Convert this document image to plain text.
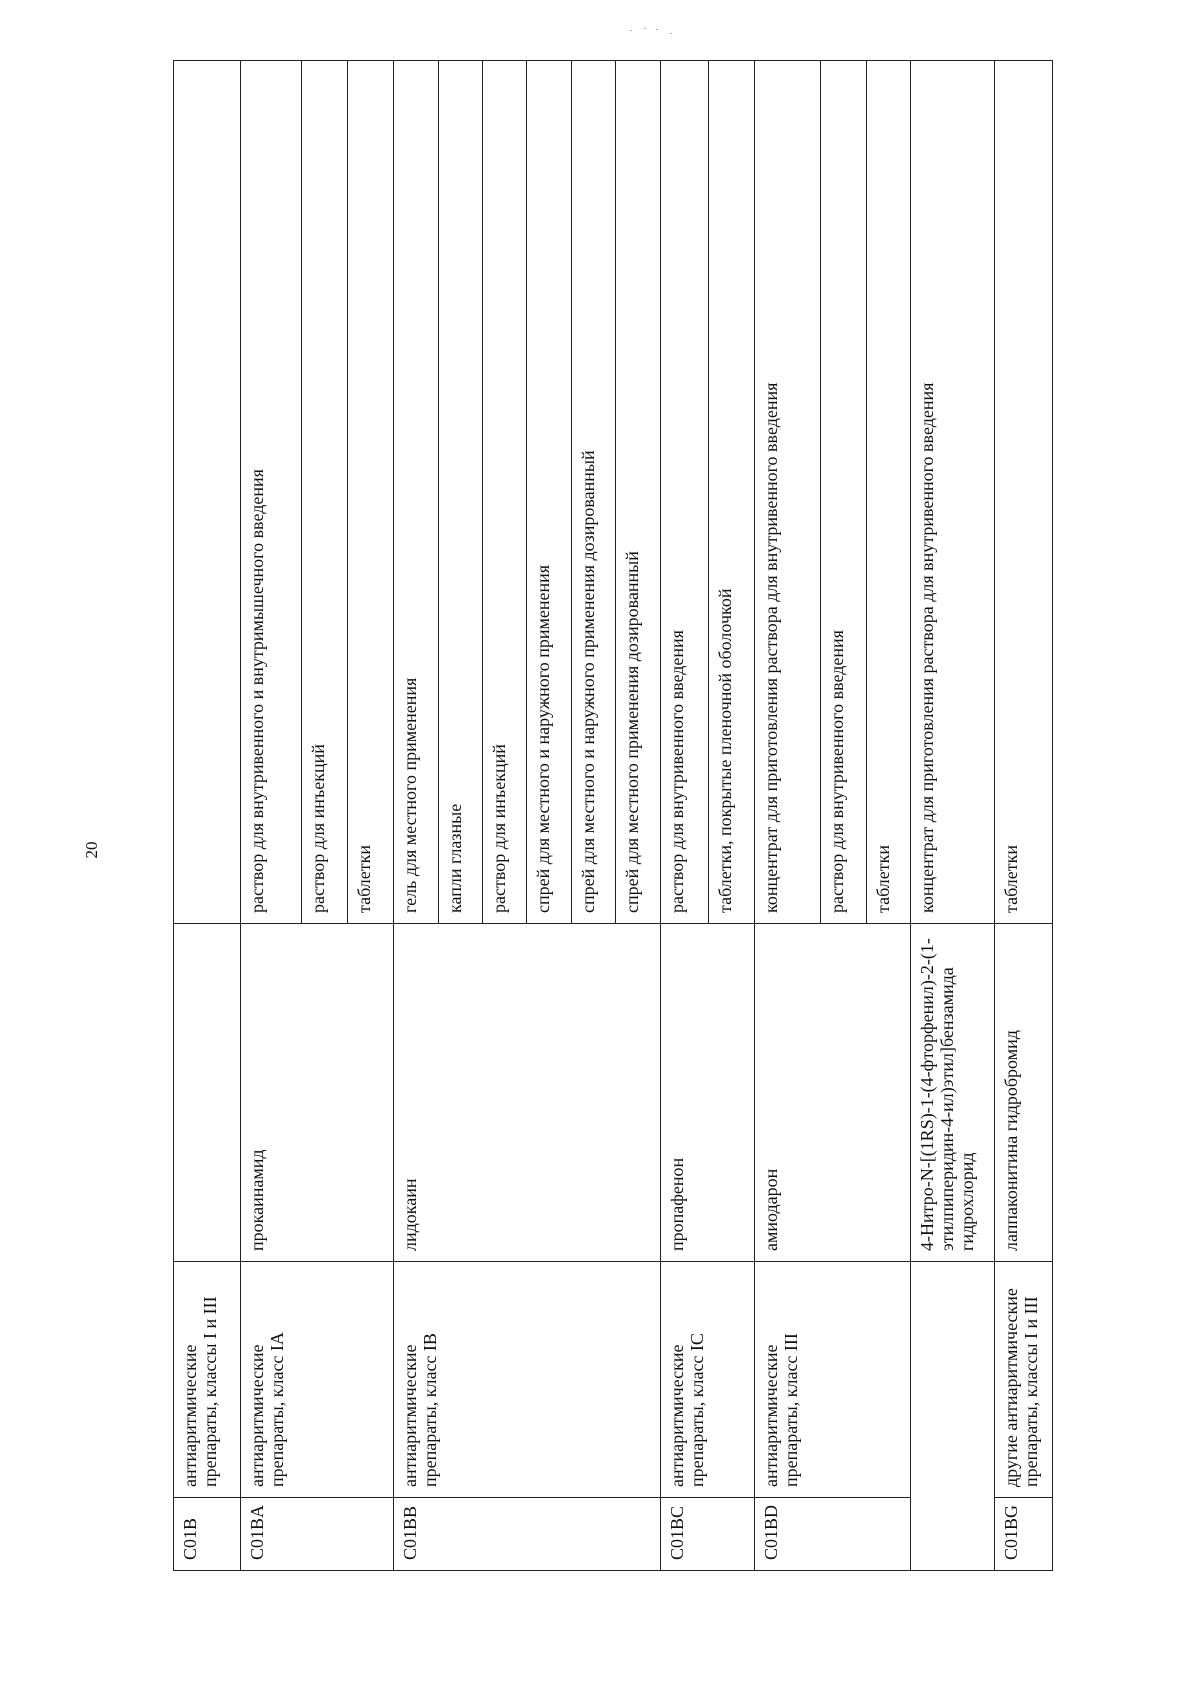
20
C01B	антиаритмические препараты, классы I и III		
C01BA	антиаритмические препараты, класс IA	прокаинамид	раствор для внутривенного и внутримышечного введения
			раствор для инъекций
			таблетки
C01BB	антиаритмические препараты, класс IB	лидокаин	гель для местного применения
			капли глазные
			раствор для инъекций
			спрей для местного и наружного применения
			спрей для местного и наружного применения дозированный
			спрей для местного применения дозированный
C01BC	антиаритмические препараты, класс IC	пропафенон	раствор для внутривенного введения
			таблетки, покрытые пленочной оболочкой
C01BD	антиаритмические препараты, класс III	амиодарон	концентрат для приготовления раствора для внутривенного введения
			раствор для внутривенного введения
			таблетки
		4-Нитро-N-[(1RS)-1-(4-фторфенил)-2-(1-этилпиперидин-4-ил)этил]бензамида гидрохлорид	концентрат для приготовления раствора для внутривенного введения
C01BG	другие антиаритмические препараты, классы I и III	лаппаконитина гидробромид	таблетки
